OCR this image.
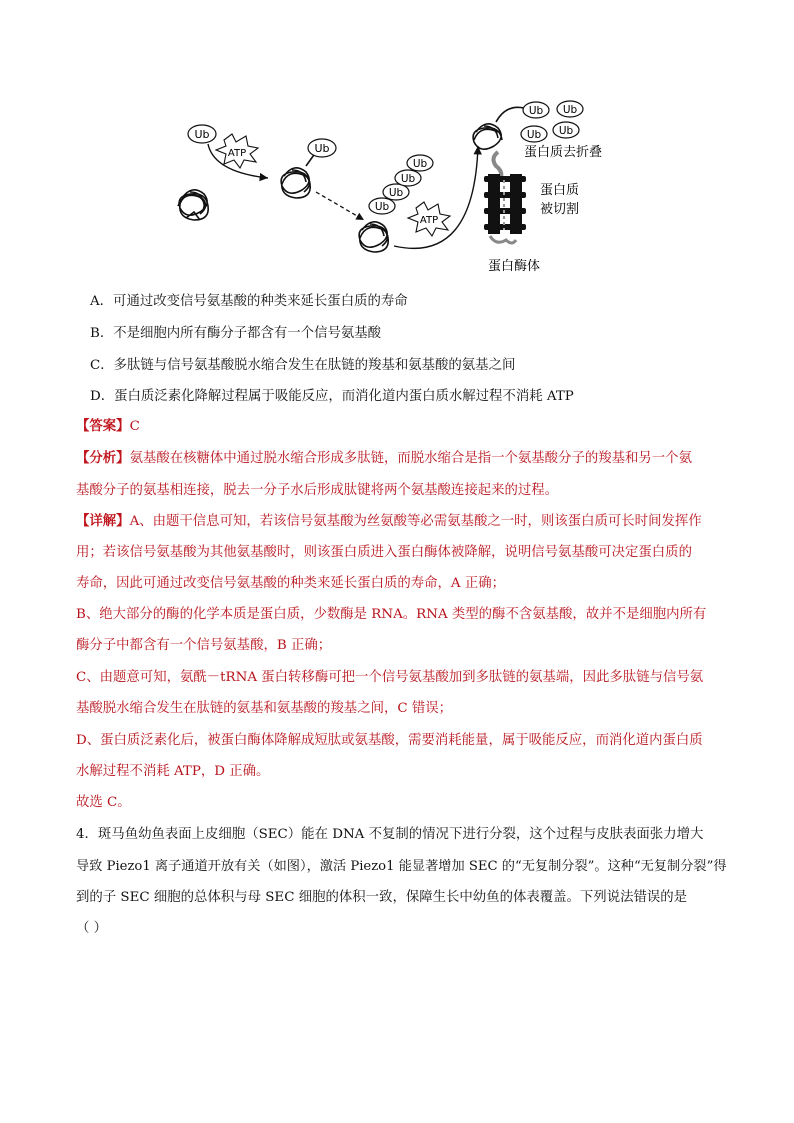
Ub
ATP	Ub
Ub
Ub
Ub
Ub
ATP
Ub Ub
Ub Ub
蛋白质去折叠
蛋白质
被切割
蛋白酶体
A．可通过改变信号氨基酸的种类来延长蛋白质的寿命
B．不是细胞内所有酶分子都含有一个信号氨基酸
C．多肽链与信号氨基酸脱水缩合发生在肽链的羧基和氨基酸的氨基之间
D．蛋白质泛素化降解过程属于吸能反应，而消化道内蛋白质水解过程不消耗 ATP
【答案】C
【分析】氨基酸在核糖体中通过脱水缩合形成多肽链，而脱水缩合是指一个氨基酸分子的羧基和另一个氨
基酸分子的氨基相连接，脱去一分子水后形成肽键将两个氨基酸连接起来的过程。
【详解】A、由题干信息可知，若该信号氨基酸为丝氨酸等必需氨基酸之一时，则该蛋白质可长时间发挥作
用；若该信号氨基酸为其他氨基酸时，则该蛋白质进入蛋白酶体被降解，说明信号氨基酸可决定蛋白质的
寿命，因此可通过改变信号氨基酸的种类来延长蛋白质的寿命，A 正确；
B、绝大部分的酶的化学本质是蛋白质，少数酶是 RNA。RNA 类型的酶不含氨基酸，故并不是细胞内所有
酶分子中都含有一个信号氨基酸，B 正确；
C、由题意可知，氨酰－tRNA 蛋白转移酶可把一个信号氨基酸加到多肽链的氨基端，因此多肽链与信号氨
基酸脱水缩合发生在肽链的氨基和氨基酸的羧基之间，C 错误；
D、蛋白质泛素化后，被蛋白酶体降解成短肽或氨基酸，需要消耗能量，属于吸能反应，而消化道内蛋白质
水解过程不消耗 ATP，D 正确。
故选 C。
4．斑马鱼幼鱼表面上皮细胞（SEC）能在 DNA 不复制的情况下进行分裂，这个过程与皮肤表面张力增大
导致 Piezo1 离子通道开放有关（如图），激活 Piezo1 能显著增加 SEC 的“无复制分裂”。这种“无复制分裂”得
到的子 SEC 细胞的总体积与母 SEC 细胞的体积一致，保障生长中幼鱼的体表覆盖。下列说法错误的是
（ ）
